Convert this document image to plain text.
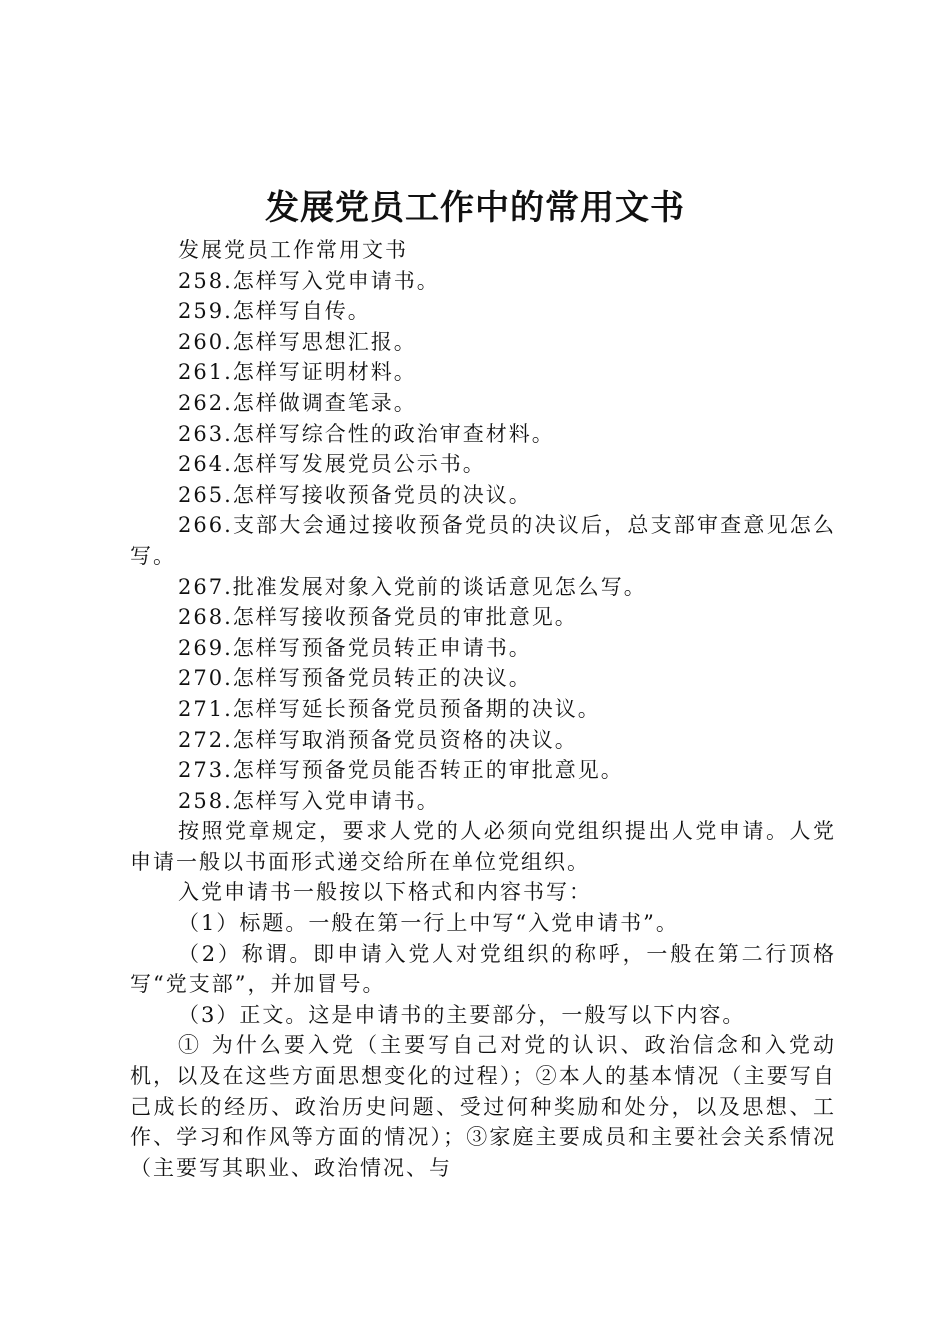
发展党员工作中的常用文书

发展党员工作常用文书

258.怎样写入党申请书。

259.怎样写自传。

260.怎样写思想汇报。

261.怎样写证明材料。

262.怎样做调查笔录。

263.怎样写综合性的政治审查材料。

264.怎样写发展党员公示书。

265.怎样写接收预备党员的决议。

266.支部大会通过接收预备党员的决议后，总支部审查意见怎么写。

267.批准发展对象入党前的谈话意见怎么写。

268.怎样写接收预备党员的审批意见。

269.怎样写预备党员转正申请书。

270.怎样写预备党员转正的决议。

271.怎样写延长预备党员预备期的决议。

272.怎样写取消预备党员资格的决议。

273.怎样写预备党员能否转正的审批意见。

258.怎样写入党申请书。

按照党章规定，要求人党的人必须向党组织提出人党申请。人党申请一般以书面形式递交给所在单位党组织。

入党申请书一般按以下格式和内容书写：

（1）标题。一般在第一行上中写“入党申请书”。

（2）称谓。即申请入党人对党组织的称呼，一般在第二行顶格写“党支部”，并加冒号。

（3）正文。这是申请书的主要部分，一般写以下内容。

① 为什么要入党（主要写自己对党的认识、政治信念和入党动机，以及在这些方面思想变化的过程）；②本人的基本情况（主要写自己成长的经历、政治历史问题、受过何种奖励和处分，以及思想、工作、学习和作风等方面的情况）；③家庭主要成员和主要社会关系情况（主要写其职业、政治情况、与
